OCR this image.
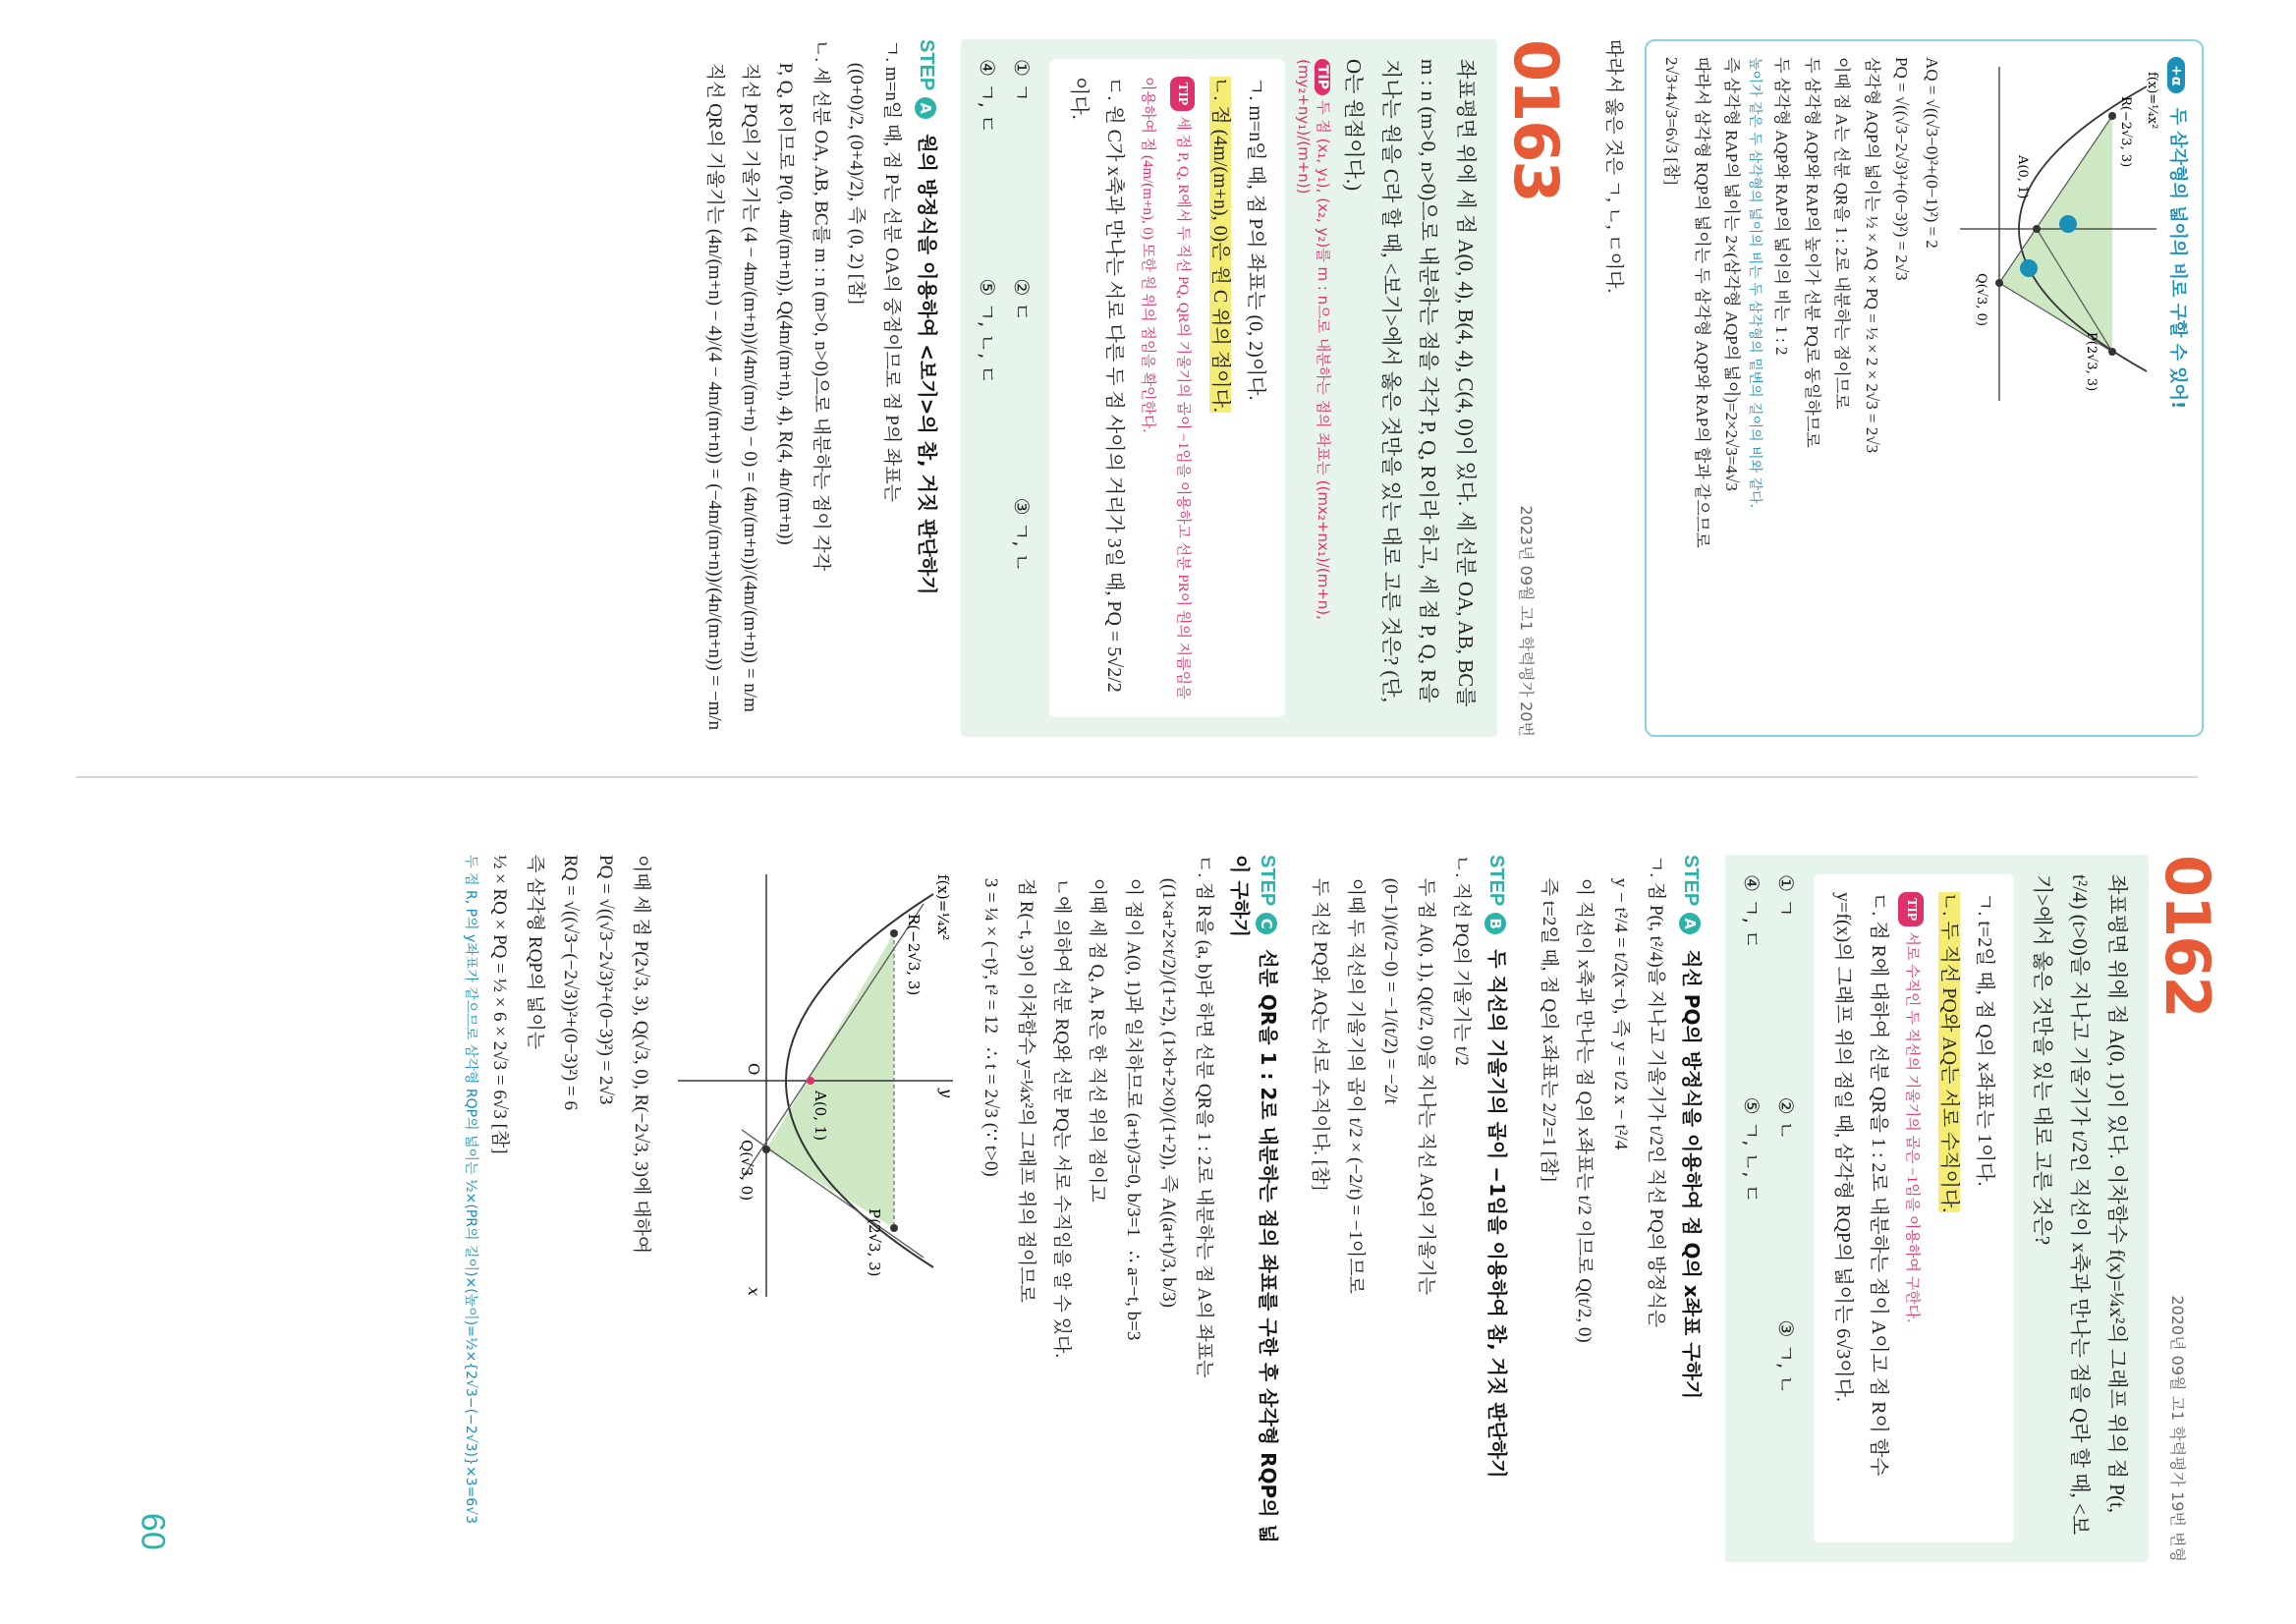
09
0162
2020년 09월 고1 학력평가 19번 변형
좌표평면 위에 점 A(0, 1)이 있다. 이차함수 f(x)=¼x²의 그래프 위의 점 P(t, t²/4) (t>0)을 지나고 기울기가 t/2인 직선이 x축과 만나는 점을 Q라 할 때, <보기>에서 옳은 것만을 있는 대로 고른 것은?
ㄱ. t=2일 때, 점 Q의 x좌표는 1이다.
ㄴ. 두 직선 PQ와 AQ는 서로 수직이다.
TIP 서로 수직인 두 직선의 기울기의 곱은 −1임을 이용하여 구한다.
ㄷ. 점 R에 대하여 선분 QR을 1 : 2로 내분하는 점이 A이고 점 R이 함수 y=f(x)의 그래프 위의 점일 때, 삼각형 RQP의 넓이는 6√3이다.
① ㄱ
② ㄴ
③ ㄱ, ㄴ
④ ㄱ, ㄷ
⑤ ㄱ, ㄴ, ㄷ
STEP A 직선 PQ의 방정식을 이용하여 점 Q의 x좌표 구하기
ㄱ. 점 P(t, t²/4)을 지나고 기울기가 t/2인 직선 PQ의 방정식은
y − t²/4 = t/2(x−t), 즉 y = t/2 x − t²/4
이 직선이 x축과 만나는 점 Q의 x좌표는 t/2 이므로 Q(t/2, 0)
즉 t=2일 때, 점 Q의 x좌표는 2/2=1 [참]
STEP B 두 직선의 기울기의 곱이 −1임을 이용하여 참, 거짓 판단하기
ㄴ. 직선 PQ의 기울기는 t/2
두 점 A(0, 1), Q(t/2, 0)을 지나는 직선 AQ의 기울기는
(0−1)/(t/2−0) = −1/(t/2) = −2/t
이때 두 직선의 기울기의 곱이 t/2 × (−2/t) = −1이므로
두 직선 PQ와 AQ는 서로 수직이다. [참]
STEP C 선분 QR을 1 : 2로 내분하는 점의 좌표를 구한 후 삼각형 RQP의 넓이 구하기
ㄷ. 점 R을 (a, b)라 하면 선분 QR을 1 : 2로 내분하는 점 A의 좌표는
((1×a+2×t/2)/(1+2), (1×b+2×0)/(1+2)), 즉 A((a+t)/3, b/3)
이 점이 A(0, 1)과 일치하므로 (a+t)/3=0, b/3=1   ∴ a=−t, b=3
이때 세 점 Q, A, R은 한 직선 위의 점이고
ㄴ에 의하여 선분 RQ와 선분 PQ는 서로 수직임을 알 수 있다.
점 R(−t, 3)이 이차함수 y=¼x²의 그래프 위의 점이므로
3 = ¼ × (−t)², t² = 12   ∴ t = 2√3 (∵ t>0)
R(−2√3, 3)
P(2√3, 3)
Q(√3, 0)
A(0, 1)
O
x
y
f(x)=¼x²
이때 세 점 P(2√3, 3), Q(√3, 0), R(−2√3, 3)에 대하여
PQ = √((√3−2√3)²+(0−3)²) = 2√3
RQ = √((√3−(−2√3))²+(0−3)²) = 6
즉 삼각형 RQP의 넓이는
½ × RQ × PQ = ½ × 6 × 2√3 = 6√3 [참]
두 점 R, P의 y좌표가 같으므로 삼각형 RQP의 넓이는 ½×(PR의 길이)×(높이)=½×{2√3−(−2√3)}×3=6√3
+α 두 삼각형의 넓이의 비로 구할 수 있어!
R(−2√3, 3)
P(2√3, 3)
Q(√3, 0)
A(0, 1)
f(x)=¼x²
AQ = √((√3−0)²+(0−1)²) = 2
PQ = √((√3−2√3)²+(0−3)²) = 2√3
삼각형 AQP의 넓이는 ½ × AQ × PQ = ½ × 2 × 2√3 = 2√3
이때 점 A는 선분 QR을 1 : 2로 내분하는 점이므로
두 삼각형 AQP와 RAP의 높이가 선분 PQ로 동일하므로
두 삼각형 AQP와 RAP의 넓이의 비는 1 : 2
높이가 같은 두 삼각형의 넓이의 비는 두 삼각형의 밑변의 길이의 비와 같다.
즉 삼각형 RAP의 넓이는 2×(삼각형 AQP의 넓이)=2×2√3=4√3
따라서 삼각형 RQP의 넓이는 두 삼각형 AQP와 RAP의 합과 같으므로
2√3+4√3=6√3 [참]
따라서 옳은 것은 ㄱ, ㄴ, ㄷ이다.
0163
2023년 09월 고1 학력평가 20번
좌표평면 위에 세 점 A(0, 4), B(4, 4), C(4, 0)이 있다. 세 선분 OA, AB, BC를 m : n (m>0, n>0)으로 내분하는 점을 각각 P, Q, R이라 하고, 세 점 P, Q, R을 지나는 원을 C라 할 때, <보기>에서 옳은 것만을 있는 대로 고른 것은? (단, O는 원점이다.)
TIP 두 점 (x₁, y₁), (x₂, y₂)를 m : n으로 내분하는 점의 좌표는 ((mx₂+nx₁)/(m+n), (my₂+ny₁)/(m+n))
ㄱ. m=n일 때, 점 P의 좌표는 (0, 2)이다.
ㄴ. 점 (4m/(m+n), 0)은 원 C 위의 점이다.
TIP 세 점 P, Q, R에서 두 직선 PQ, QR의 기울기의 곱이 −1임을 이용하고 선분 PR이 원의 지름임을 이용하여 점 (4m/(m+n), 0) 또한 원 위의 점임을 확인한다.
ㄷ. 원 C가 x축과 만나는 서로 다른 두 점 사이의 거리가 3일 때, PQ = 5√2/2 이다.
① ㄱ
② ㄷ
③ ㄱ, ㄴ
④ ㄱ, ㄷ
⑤ ㄱ, ㄴ, ㄷ
STEP A 원의 방정식을 이용하여 <보기>의 참, 거짓 판단하기
ㄱ. m=n일 때, 점 P는 선분 OA의 중점이므로 점 P의 좌표는
((0+0)/2, (0+4)/2), 즉 (0, 2) [참]
ㄴ. 세 선분 OA, AB, BC를 m : n (m>0, n>0)으로 내분하는 점이 각각
P, Q, R이므로 P(0, 4m/(m+n)), Q(4m/(m+n), 4), R(4, 4n/(m+n))
직선 PQ의 기울기는 (4 − 4m/(m+n))/(4m/(m+n) − 0) = (4n/(m+n))/(4m/(m+n)) = n/m
직선 QR의 기울기는 (4n/(m+n) − 4)/(4 − 4m/(m+n)) = (−4m/(m+n))/(4n/(m+n)) = −m/n
